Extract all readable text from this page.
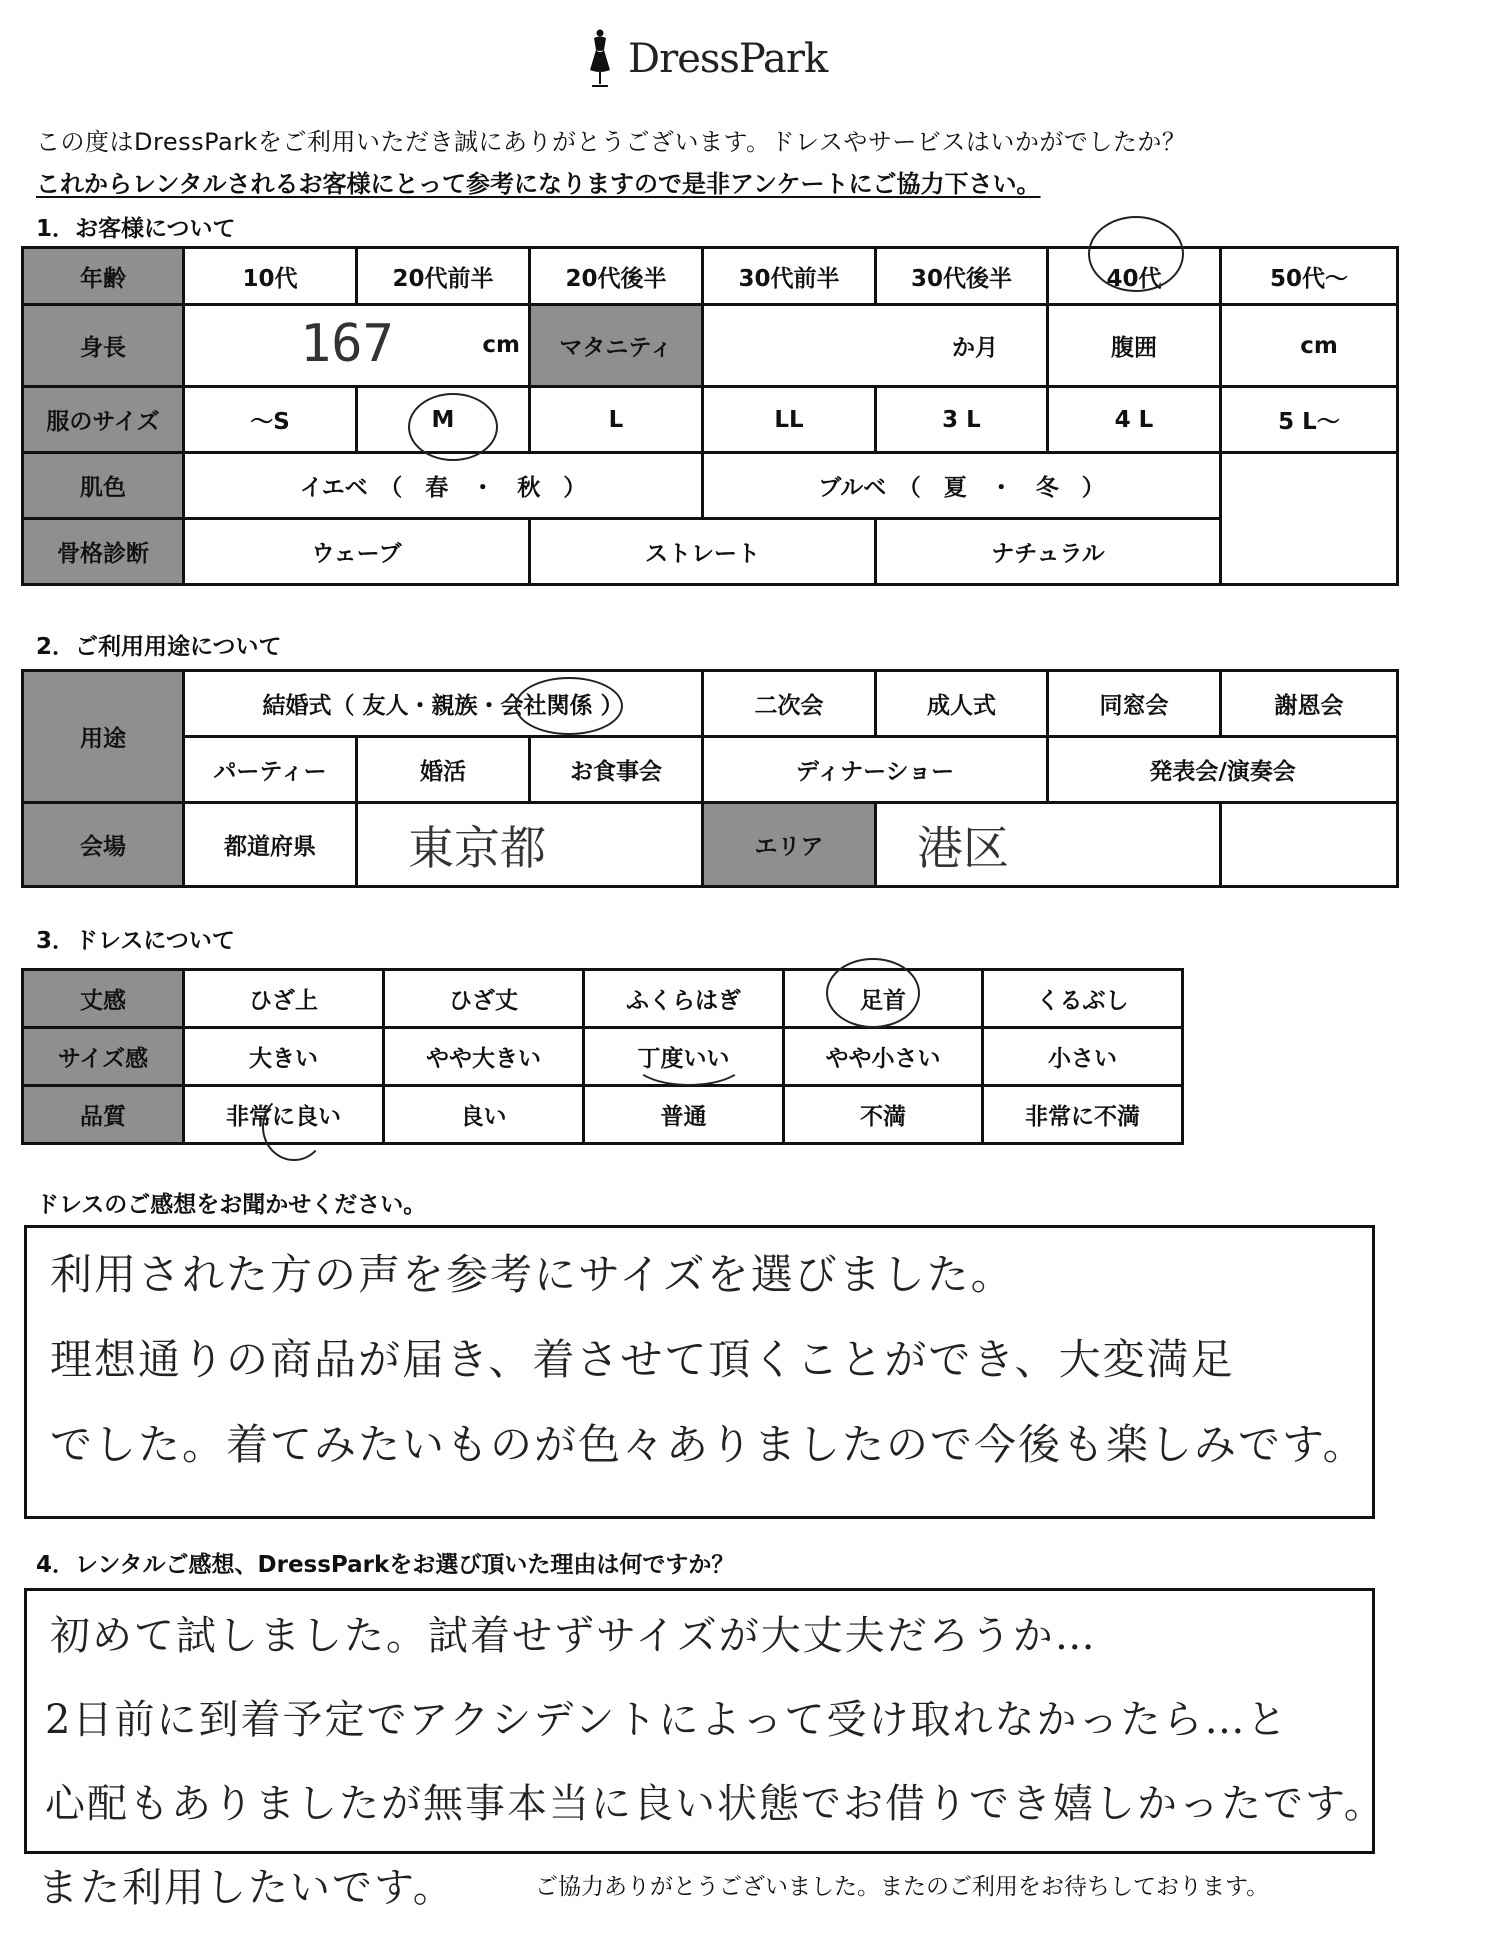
DressPark
この度はDressParkをご利用いただき誠にありがとうございます。ドレスやサービスはいかがでしたか？
これからレンタルされるお客様にとって参考になりますので是非アンケートにご協力下さい。
1．お客様について
年齢	10代	20代前半	20代後半	30代前半	30代後半	40代	50代～
身長	167 cm		マタニティ	か月		腹囲	cm
服のサイズ	～S	M	L	LL	3 L	4 L	5 L～
肌色	イエベ　（　春　・　秋　）			ブルベ　（　夏　・　冬　）			
骨格診断	ウェーブ		ストレート		ナチュラル		
2．ご利用用途について
用途	結婚式（ 友人・親族・会社関係 ）			二次会	成人式	同窓会	謝恩会
	パーティー	婚活	お食事会	ディナーショー		発表会/演奏会	
会場	都道府県	東京都		エリア	港区		
3．ドレスについて
丈感	ひざ上	ひざ丈	ふくらはぎ	足首	くるぶし
サイズ感	大きい	やや大きい	丁度いい	やや小さい	小さい
品質	非常に良い	良い	普通	不満	非常に不満
ドレスのご感想をお聞かせください。
利用された方の声を参考にサイズを選びました。
理想通りの商品が届き、着させて頂くことができ、大変満足
でした。着てみたいものが色々ありましたので今後も楽しみです。
4．レンタルご感想、DressParkをお選び頂いた理由は何ですか？
初めて試しました。試着せずサイズが大丈夫だろうか…
2日前に到着予定でアクシデントによって受け取れなかったら…と
心配もありましたが無事本当に良い状態でお借りでき嬉しかったです。
また利用したいです。	ご協力ありがとうございました。またのご利用をお待ちしております。
